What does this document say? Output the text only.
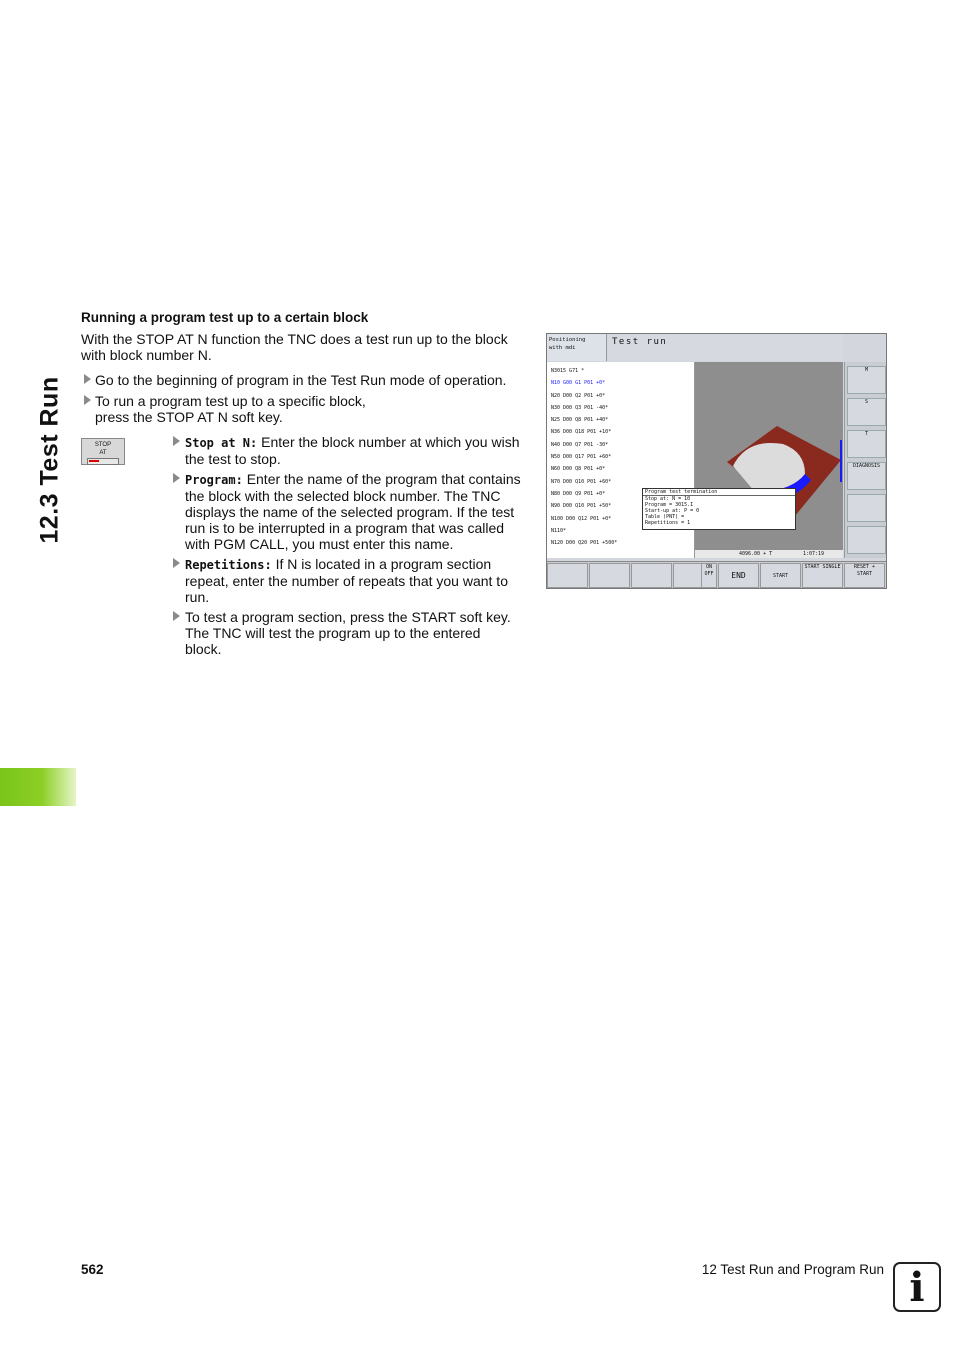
12.3 Test Run
Running a program test up to a certain block
With the STOP AT N function the TNC does a test run up to the block
with block number N.
Go to the beginning of program in the Test Run mode of operation.
To run a program test up to a specific block,
press the STOP AT N soft key.
STOP
AT
Stop at N: Enter the block number at which you wish
the test to stop.
Program: Enter the name of the program that contains
the block with the selected block number. The TNC
displays the name of the selected program. If the test
run is to be interrupted in a program that was called
with PGM CALL, you must enter this name.
Repetitions: If N is located in a program section
repeat, enter the number of repeats that you want to
run.
To test a program section, press the START soft key.
The TNC will test the program up to the entered
block.
Positioning
with mdi
Test run
N3015 G71 *
N10 G00 G1 P01 +0*
N20 D00 Q2 P01 +0*
N30 D00 Q3 P01 -40*
N25 D00 Q8 P01 +40*
N36 D00 Q18 P01 +10*
N40 D00 Q7 P01 -30*
N50 D00 Q17 P01 +60*
N60 D00 Q8 P01 +0*
N70 D00 Q10 P01 +60*
N80 D00 Q9 P01 +0*
N90 D00 Q10 P01 +50*
N100 D00 Q12 P01 +0*
N110*
N120 D00 Q20 P01 +500*
4096.00 + T	1:07:19
Program test termination
Stop at: N = 10
Program = 3015.I
Start-up at: P = 0
Table (PNT) =
Repetitions = 1
M
S
T
DIAGNOSIS
ON OFF	END	START
START SINGLE	RESET + START
562	12 Test Run and Program Run i
